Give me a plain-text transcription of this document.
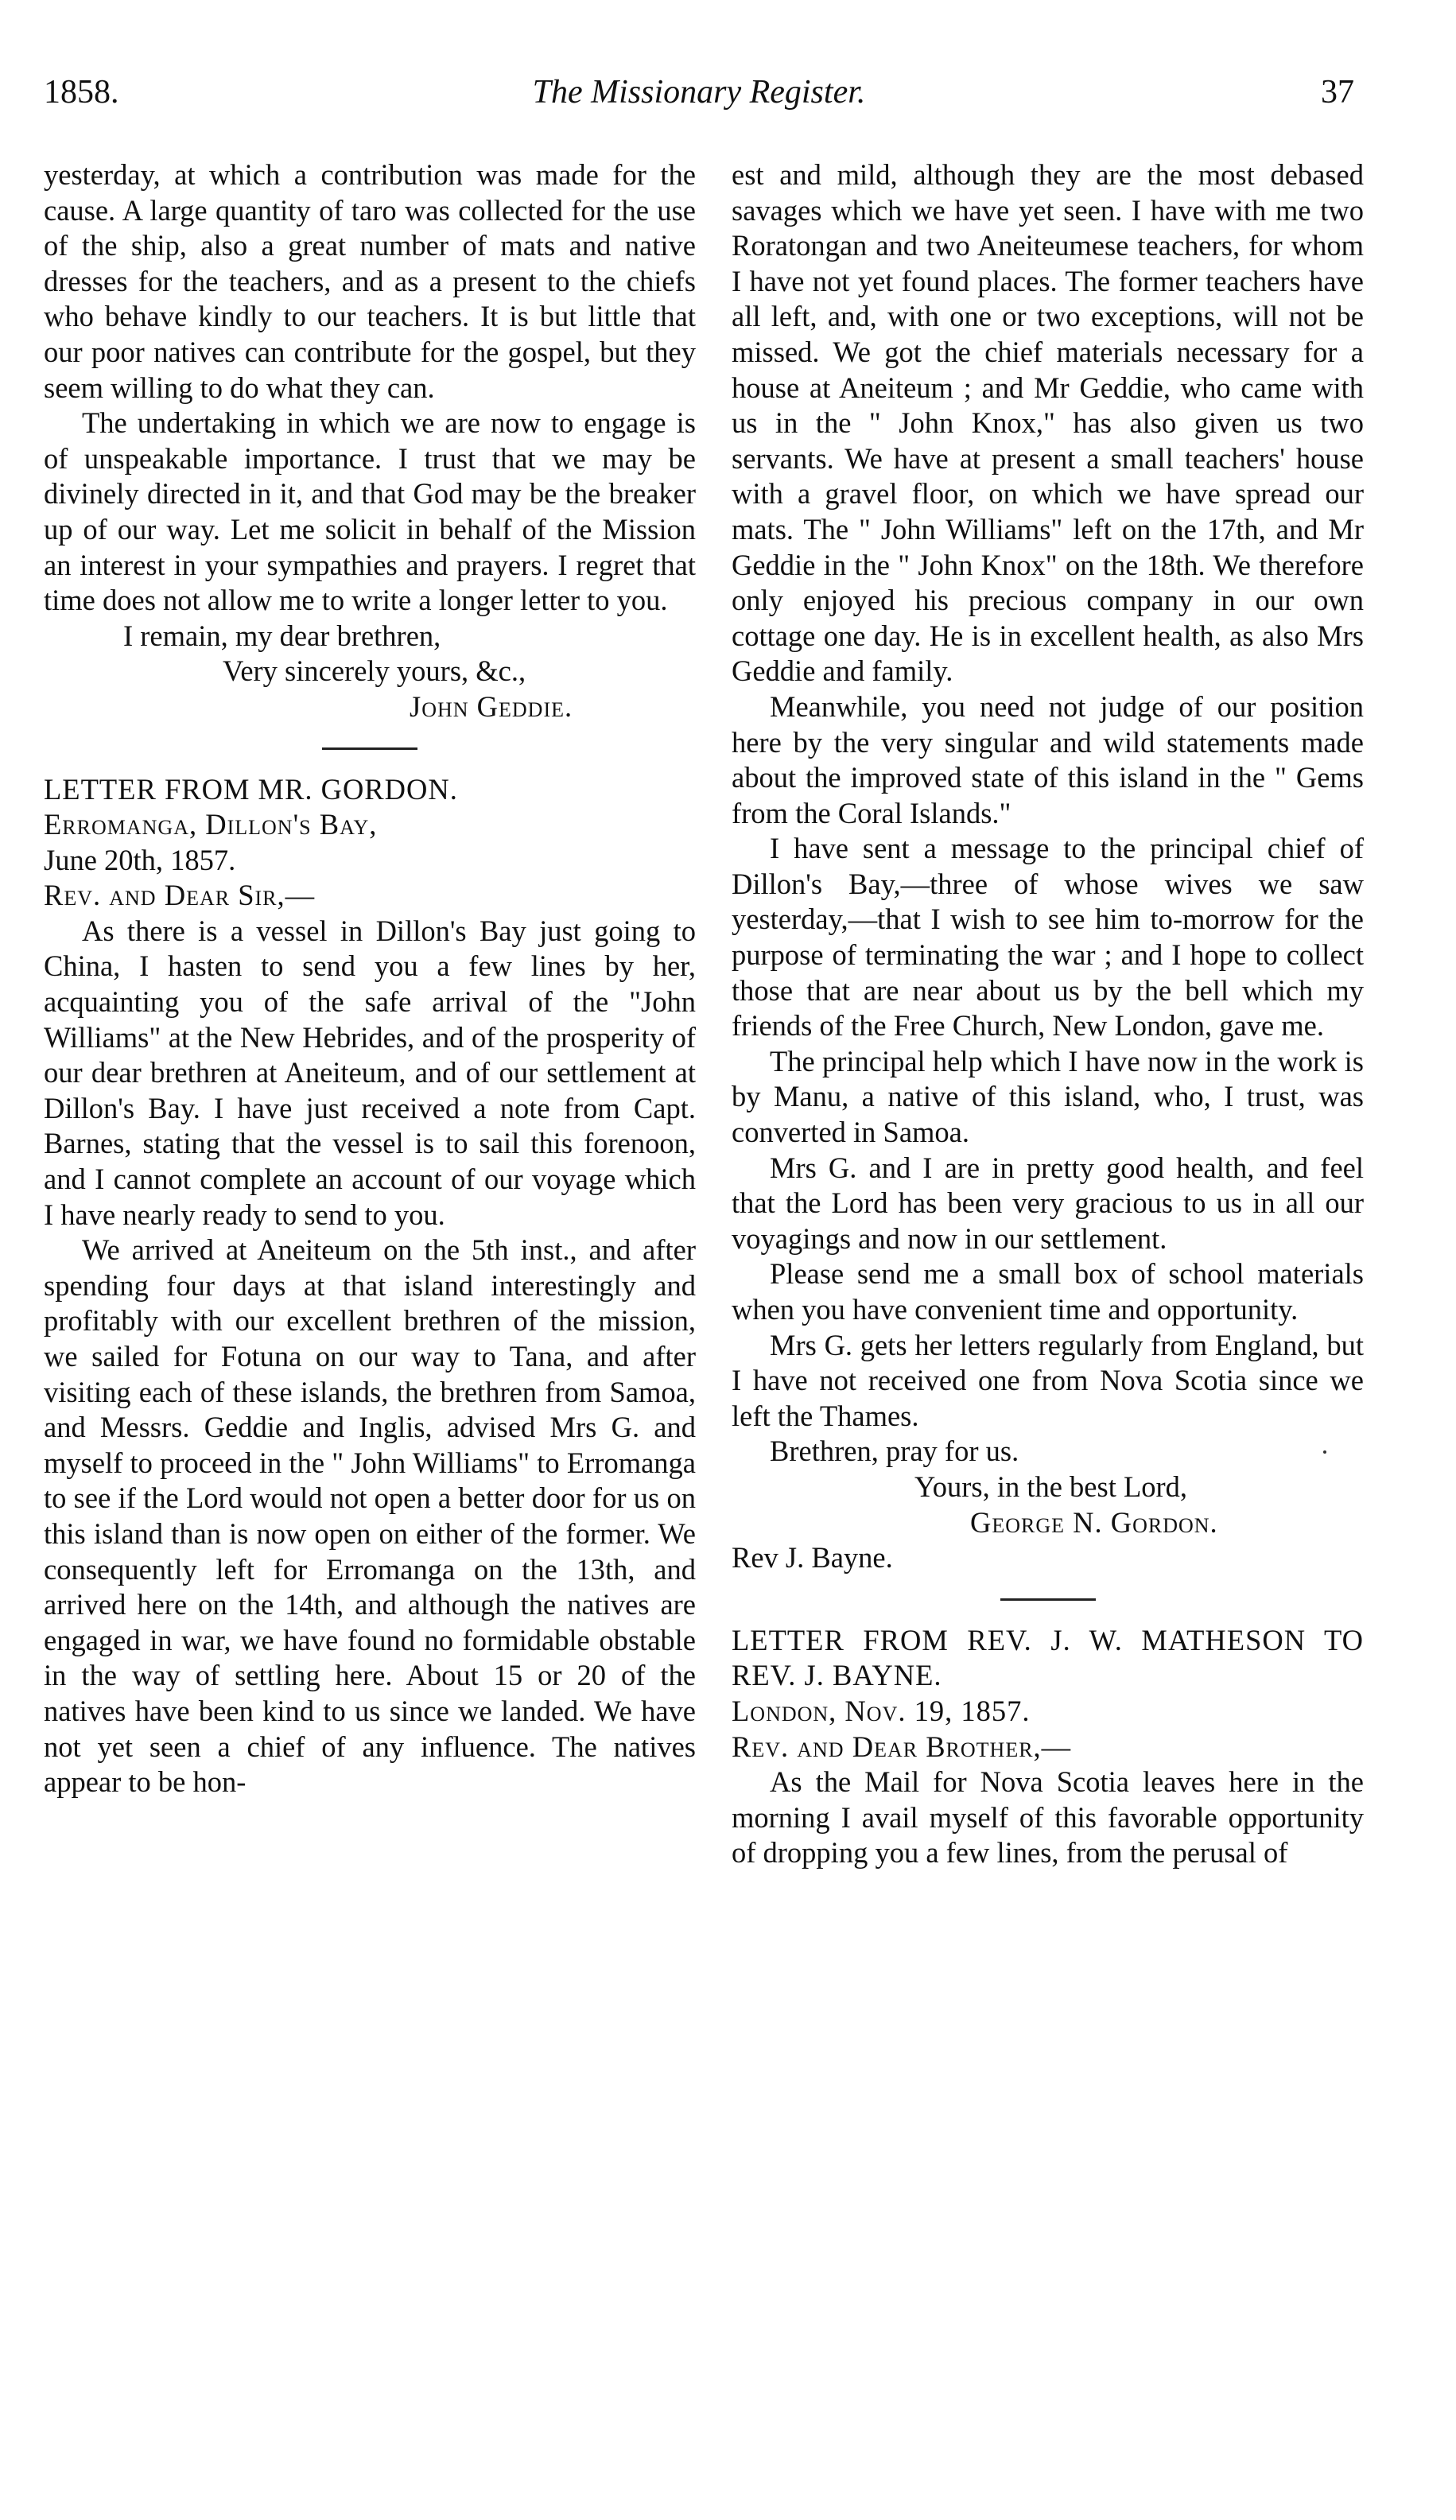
1858.	The Missionary Register.	37

yesterday, at which a contribution was made for the cause. A large quantity of taro was collected for the use of the ship, also a great number of mats and native dresses for the teachers, and as a present to the chiefs who behave kindly to our teachers. It is but little that our poor natives can contribute for the gospel, but they seem willing to do what they can.

The undertaking in which we are now to engage is of unspeakable importance. I trust that we may be divinely directed in it, and that God may be the breaker up of our way. Let me solicit in behalf of the Mission an interest in your sympathies and prayers. I regret that time does not allow me to write a longer letter to you.

I remain, my dear brethren,

Very sincerely yours, &c.,

John Geddie.

LETTER FROM MR. GORDON.

Erromanga, Dillon's Bay,

June 20th, 1857.

Rev. and Dear Sir,—

As there is a vessel in Dillon's Bay just going to China, I hasten to send you a few lines by her, acquainting you of the safe arrival of the "John Williams" at the New Hebrides, and of the prosperity of our dear brethren at Aneiteum, and of our settlement at Dillon's Bay. I have just received a note from Capt. Barnes, stating that the vessel is to sail this forenoon, and I cannot complete an account of our voyage which I have nearly ready to send to you.

We arrived at Aneiteum on the 5th inst., and after spending four days at that island interestingly and profitably with our excellent brethren of the mission, we sailed for Fotuna on our way to Tana, and after visiting each of these islands, the brethren from Samoa, and Messrs. Geddie and Inglis, advised Mrs G. and myself to proceed in the " John Williams" to Erromanga to see if the Lord would not open a better door for us on this island than is now open on either of the former. We consequently left for Erromanga on the 13th, and arrived here on the 14th, and although the natives are engaged in war, we have found no formidable obstable in the way of settling here. About 15 or 20 of the natives have been kind to us since we landed. We have not yet seen a chief of any influence. The natives appear to be hon-

est and mild, although they are the most debased savages which we have yet seen. I have with me two Roratongan and two Aneiteumese teachers, for whom I have not yet found places. The former teachers have all left, and, with one or two exceptions, will not be missed. We got the chief materials necessary for a house at Aneiteum ; and Mr Geddie, who came with us in the " John Knox," has also given us two servants. We have at present a small teachers' house with a gravel floor, on which we have spread our mats. The " John Williams" left on the 17th, and Mr Geddie in the " John Knox" on the 18th. We therefore only enjoyed his precious company in our own cottage one day. He is in excellent health, as also Mrs Geddie and family.

Meanwhile, you need not judge of our position here by the very singular and wild statements made about the improved state of this island in the " Gems from the Coral Islands."

I have sent a message to the principal chief of Dillon's Bay,—three of whose wives we saw yesterday,—that I wish to see him to-morrow for the purpose of terminating the war ; and I hope to collect those that are near about us by the bell which my friends of the Free Church, New London, gave me.

The principal help which I have now in the work is by Manu, a native of this island, who, I trust, was converted in Samoa.

Mrs G. and I are in pretty good health, and feel that the Lord has been very gracious to us in all our voyagings and now in our settlement.

Please send me a small box of school materials when you have convenient time and opportunity.

Mrs G. gets her letters regularly from England, but I have not received one from Nova Scotia since we left the Thames.

Brethren, pray for us.

Yours, in the best Lord,

George N. Gordon.

Rev J. Bayne.

LETTER FROM REV. J. W. MATHESON TO REV. J. BAYNE.

London, Nov. 19, 1857.

Rev. and Dear Brother,—

As the Mail for Nova Scotia leaves here in the morning I avail myself of this favorable opportunity of dropping you a few lines, from the perusal of
